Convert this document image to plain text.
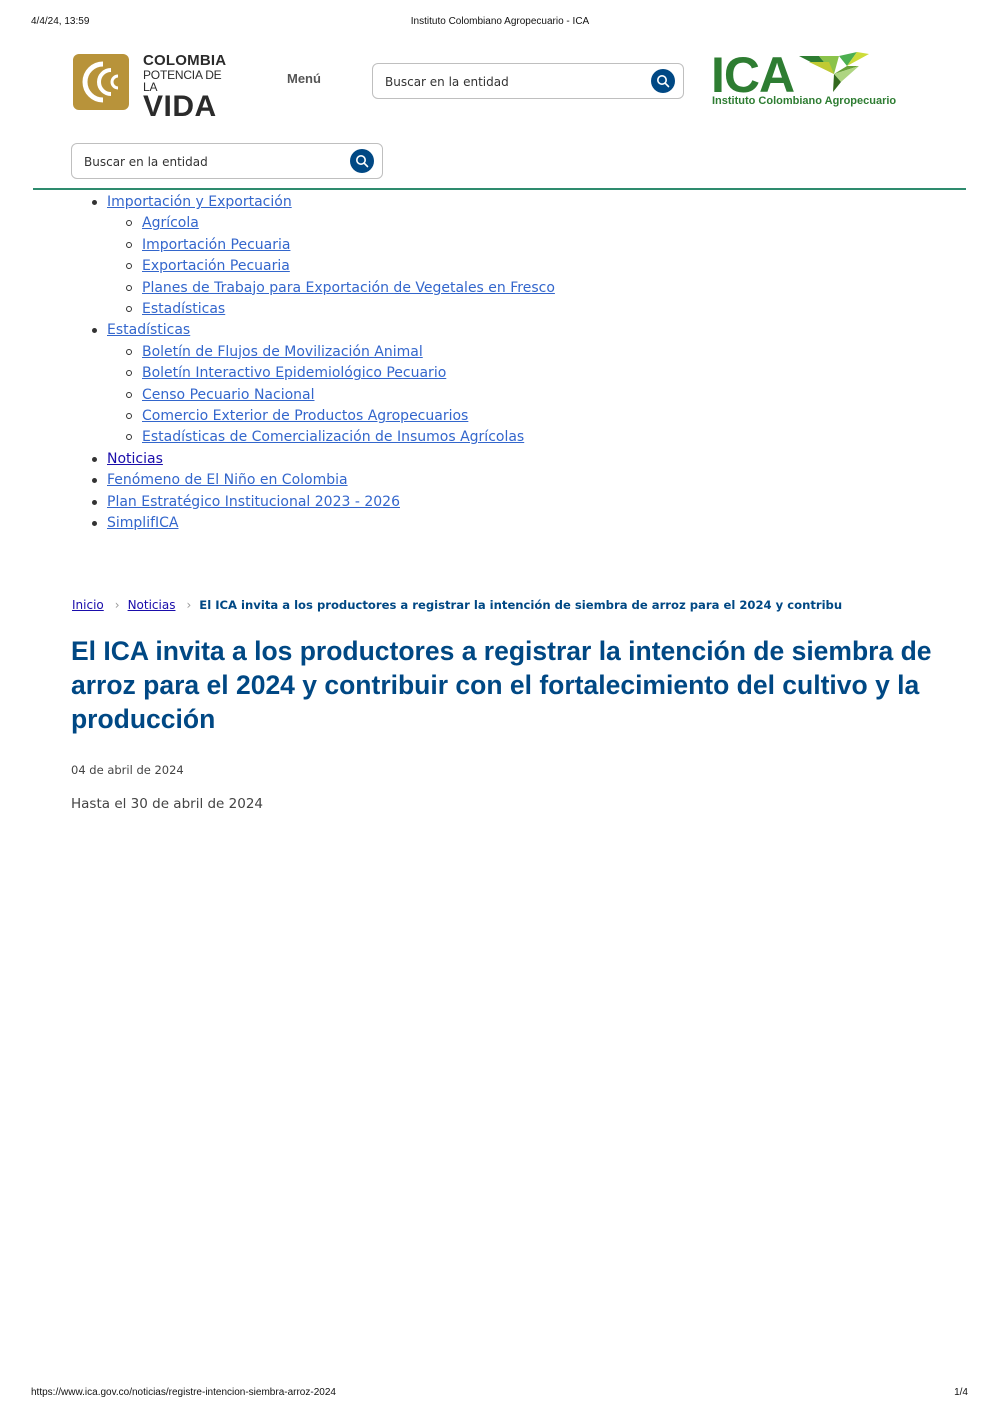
4/4/24, 13:59	Instituto Colombiano Agropecuario - ICA
COLOMBIA
POTENCIA DE LA
VIDA
Menú
Buscar en la entidad	ICA
Instituto Colombiano Agropecuario
Buscar en la entidad
Importación y Exportación
Agrícola
Importación Pecuaria
Exportación Pecuaria
Planes de Trabajo para Exportación de Vegetales en Fresco
Estadísticas
Estadísticas
Boletín de Flujos de Movilización Animal
Boletín Interactivo Epidemiológico Pecuario
Censo Pecuario Nacional
Comercio Exterior de Productos Agropecuarios
Estadísticas de Comercialización de Insumos Agrícolas
Noticias
Fenómeno de El Niño en Colombia
Plan Estratégico Institucional 2023 - 2026
SimplifICA
Inicio › Noticias › El ICA invita a los productores a registrar la intención de siembra de arroz para el 2024 y contribu
El ICA invita a los productores a registrar la intención de siembra de arroz para el 2024 y contribuir con el fortalecimiento del cultivo y la producción
04 de abril de 2024
Hasta el 30 de abril de 2024
https://www.ica.gov.co/noticias/registre-intencion-siembra-arroz-2024	1/4
